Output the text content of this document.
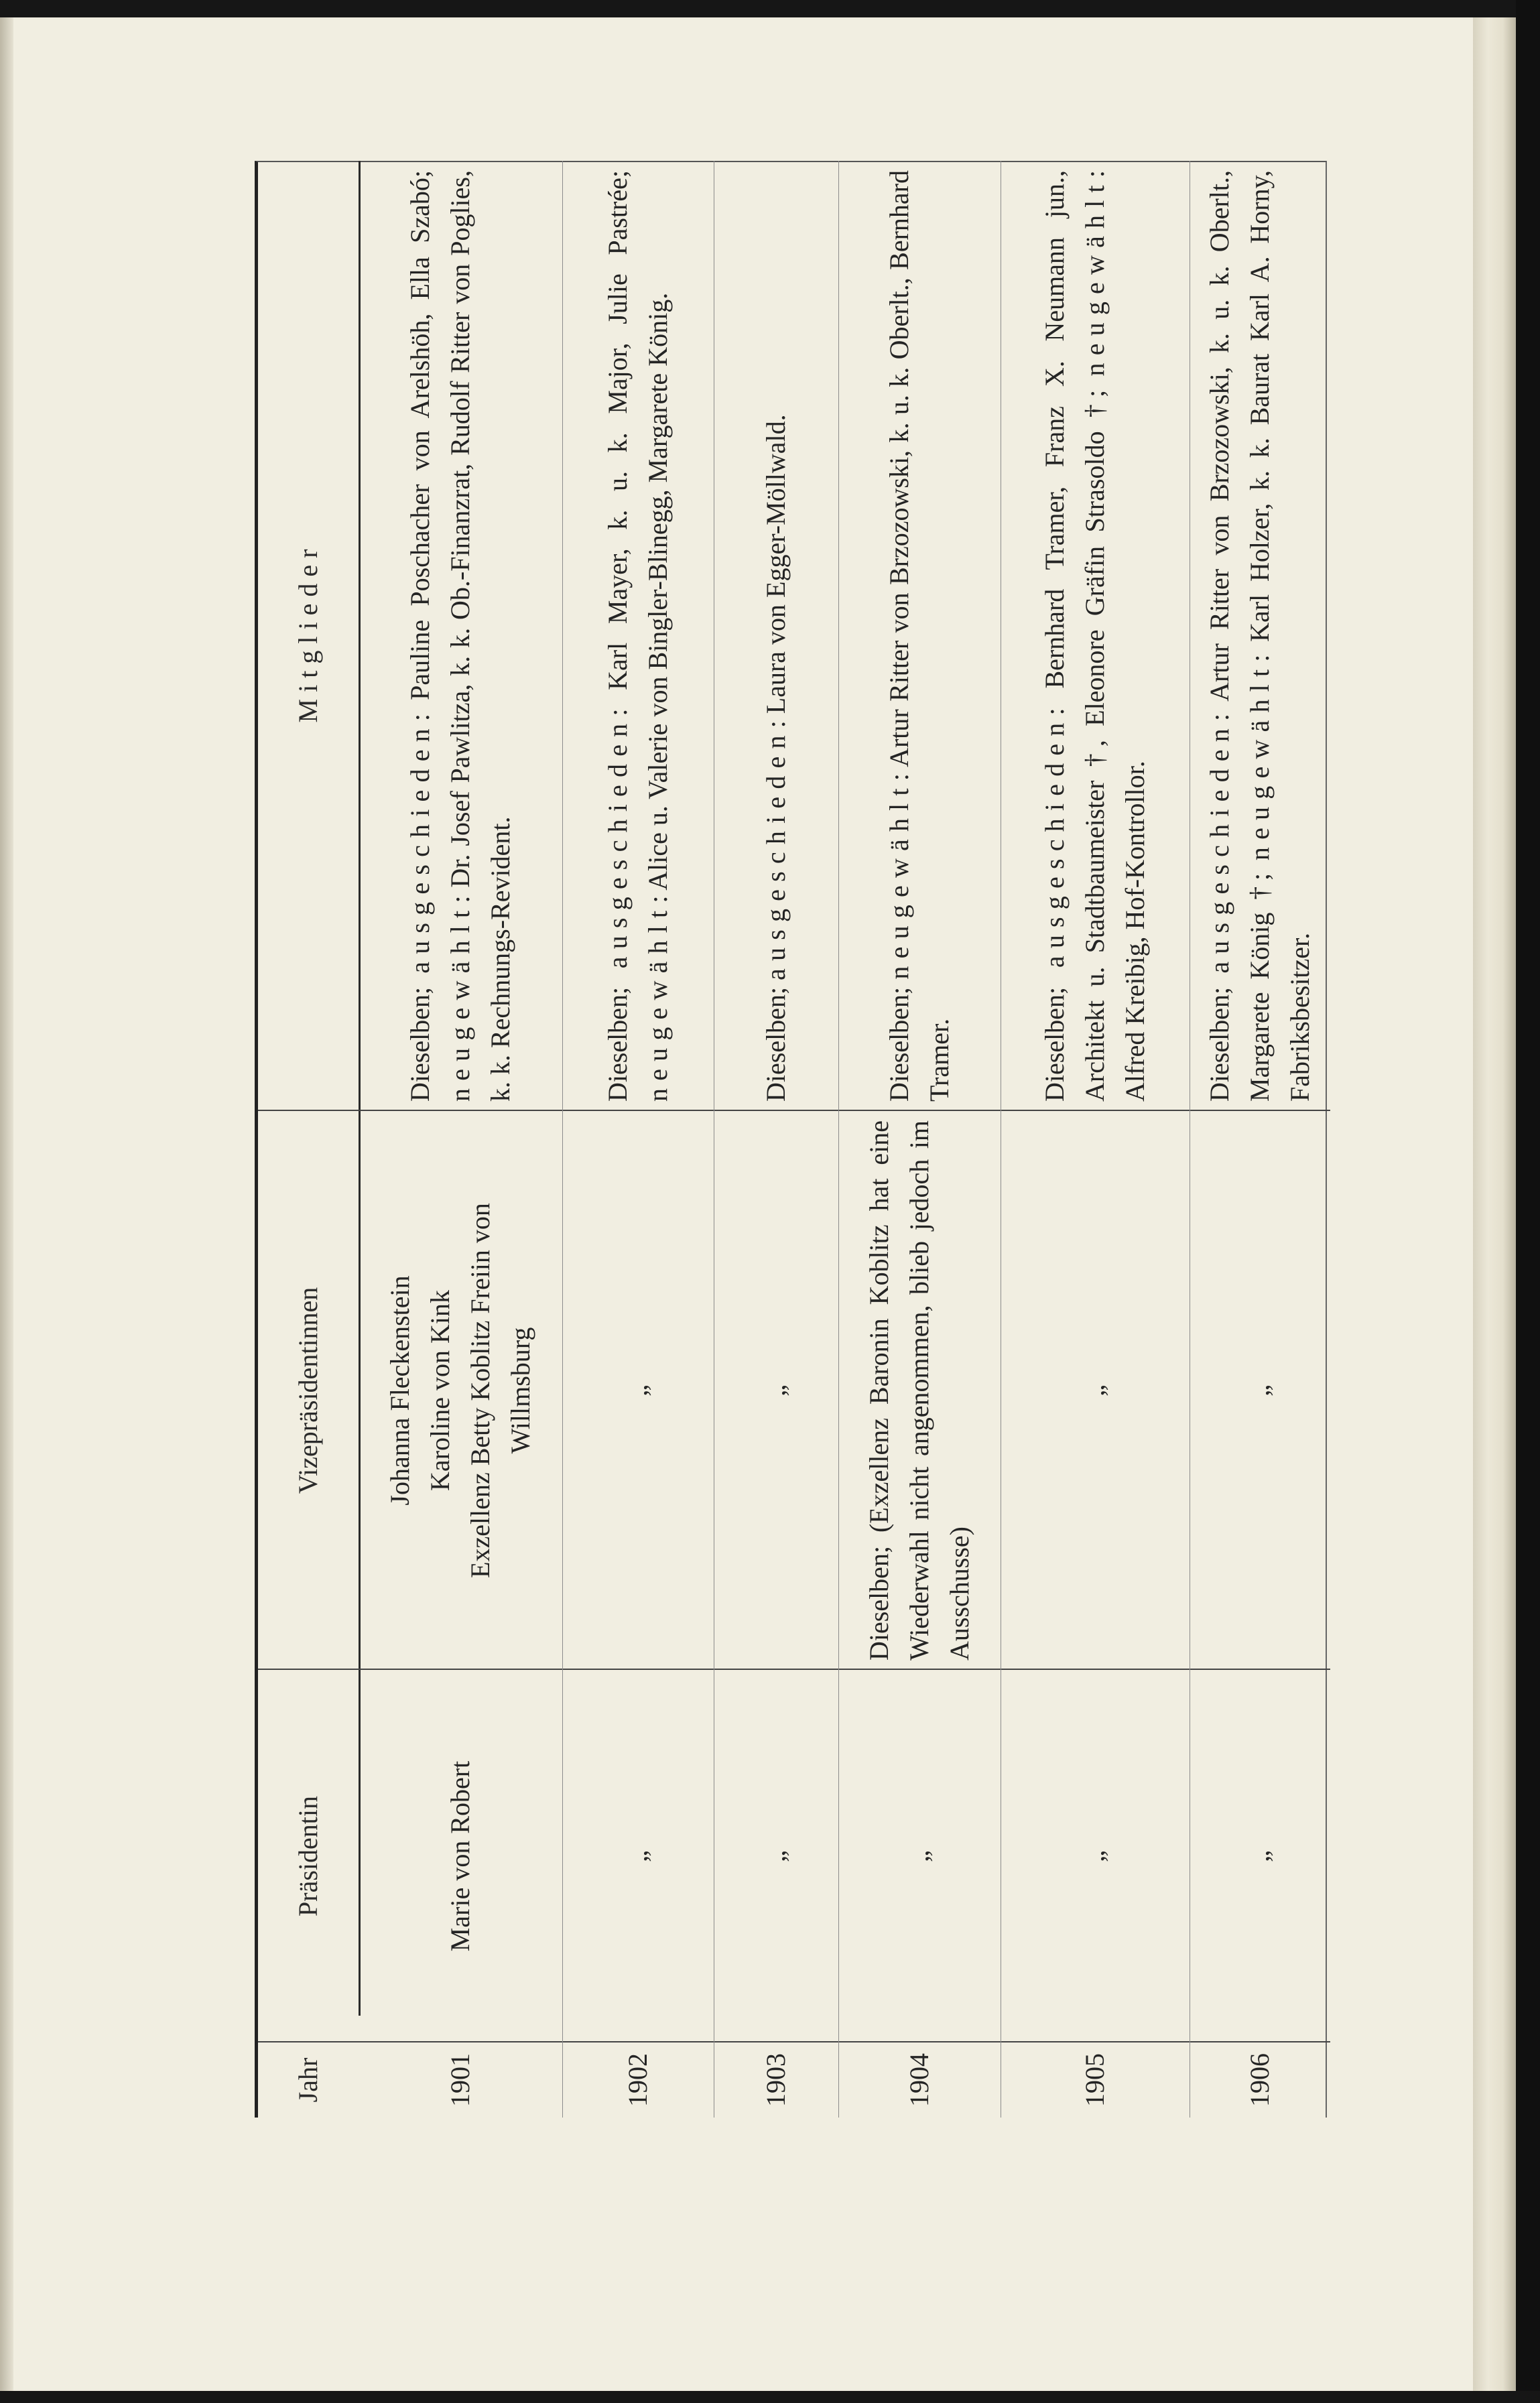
Jahr
Präsidentin
Vizepräsidentinnen
M i t g l i e d e r
1901
Marie von Robert
Johanna Fleckenstein Karoline von Kink Exzellenz Betty Koblitz Freiin von Willmsburg
Dieselben; ausgeschieden: Pauline Poschacher von Arelshöh, Ella Szabó; neugewählt: Dr. Josef Pawlitza, k. k. Ob.-Finanzrat, Rudolf Ritter von Poglies, k. k. Rechnungs-Revident.
1902
„
„
Dieselben; ausgeschieden: Karl Mayer, k. u. k. Major, Julie Pastrée; neugewählt: Alice u. Valerie von Bingler-Blinegg, Margarete König.
1903
„
„
Dieselben; ausgeschieden: Laura von Egger-Möllwald.
1904
„
Dieselben; (Exzellenz Baronin Koblitz hat eine Wiederwahl nicht angenommen, blieb jedoch im Ausschusse)
Dieselben; neugewählt: Artur Ritter von Brzozowski, k. u. k. Oberlt., Bernhard Tramer.
1905
„
„
Dieselben; ausgeschieden: Bernhard Tramer, Franz X. Neumann jun., Architekt u. Stadtbaumeister †, Eleonore Gräfin Strasoldo †; neugewählt: Alfred Kreibig, Hof-Kontrollor.
1906
„
„
Dieselben; ausgeschieden: Artur Ritter von Brzozowski, k. u. k. Oberlt., Margarete König †; neugewählt: Karl Holzer, k. k. Baurat Karl A. Horny, Fabriksbesitzer.
